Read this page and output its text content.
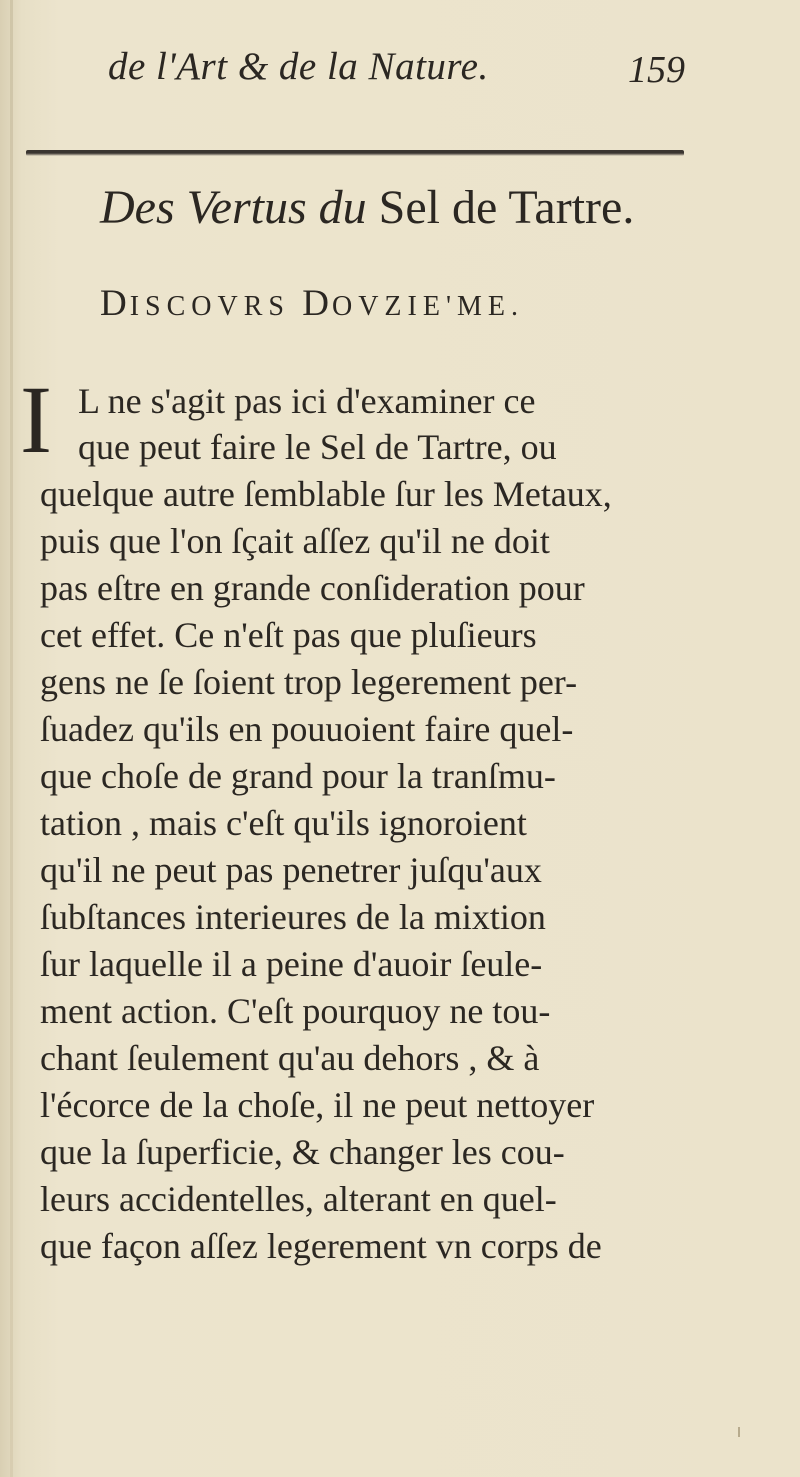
de l'Art & de la Nature.	159
Des Vertus du Sel de Tartre.
DISCOVRS DOVZIE'ME.
I L ne s'agit pas ici d'examiner ce
que peut faire le Sel de Tartre, ou
quelque autre ſemblable ſur les Metaux,
puis que l'on ſçait aſſez qu'il ne doit
pas eſtre en grande conſideration pour
cet effet. Ce n'eſt pas que pluſieurs
gens ne ſe ſoient trop legerement per-
ſuadez qu'ils en pouuoient faire quel-
que choſe de grand pour la tranſmu-
tation , mais c'eſt qu'ils ignoroient
qu'il ne peut pas penetrer juſqu'aux
ſubſtances interieures de la mixtion
ſur laquelle il a peine d'auoir ſeule-
ment action. C'eſt pourquoy ne tou-
chant ſeulement qu'au dehors , & à
l'écorce de la choſe, il ne peut nettoyer
que la ſuperficie, & changer les cou-
leurs accidentelles, alterant en quel-
que façon aſſez legerement vn corps de
